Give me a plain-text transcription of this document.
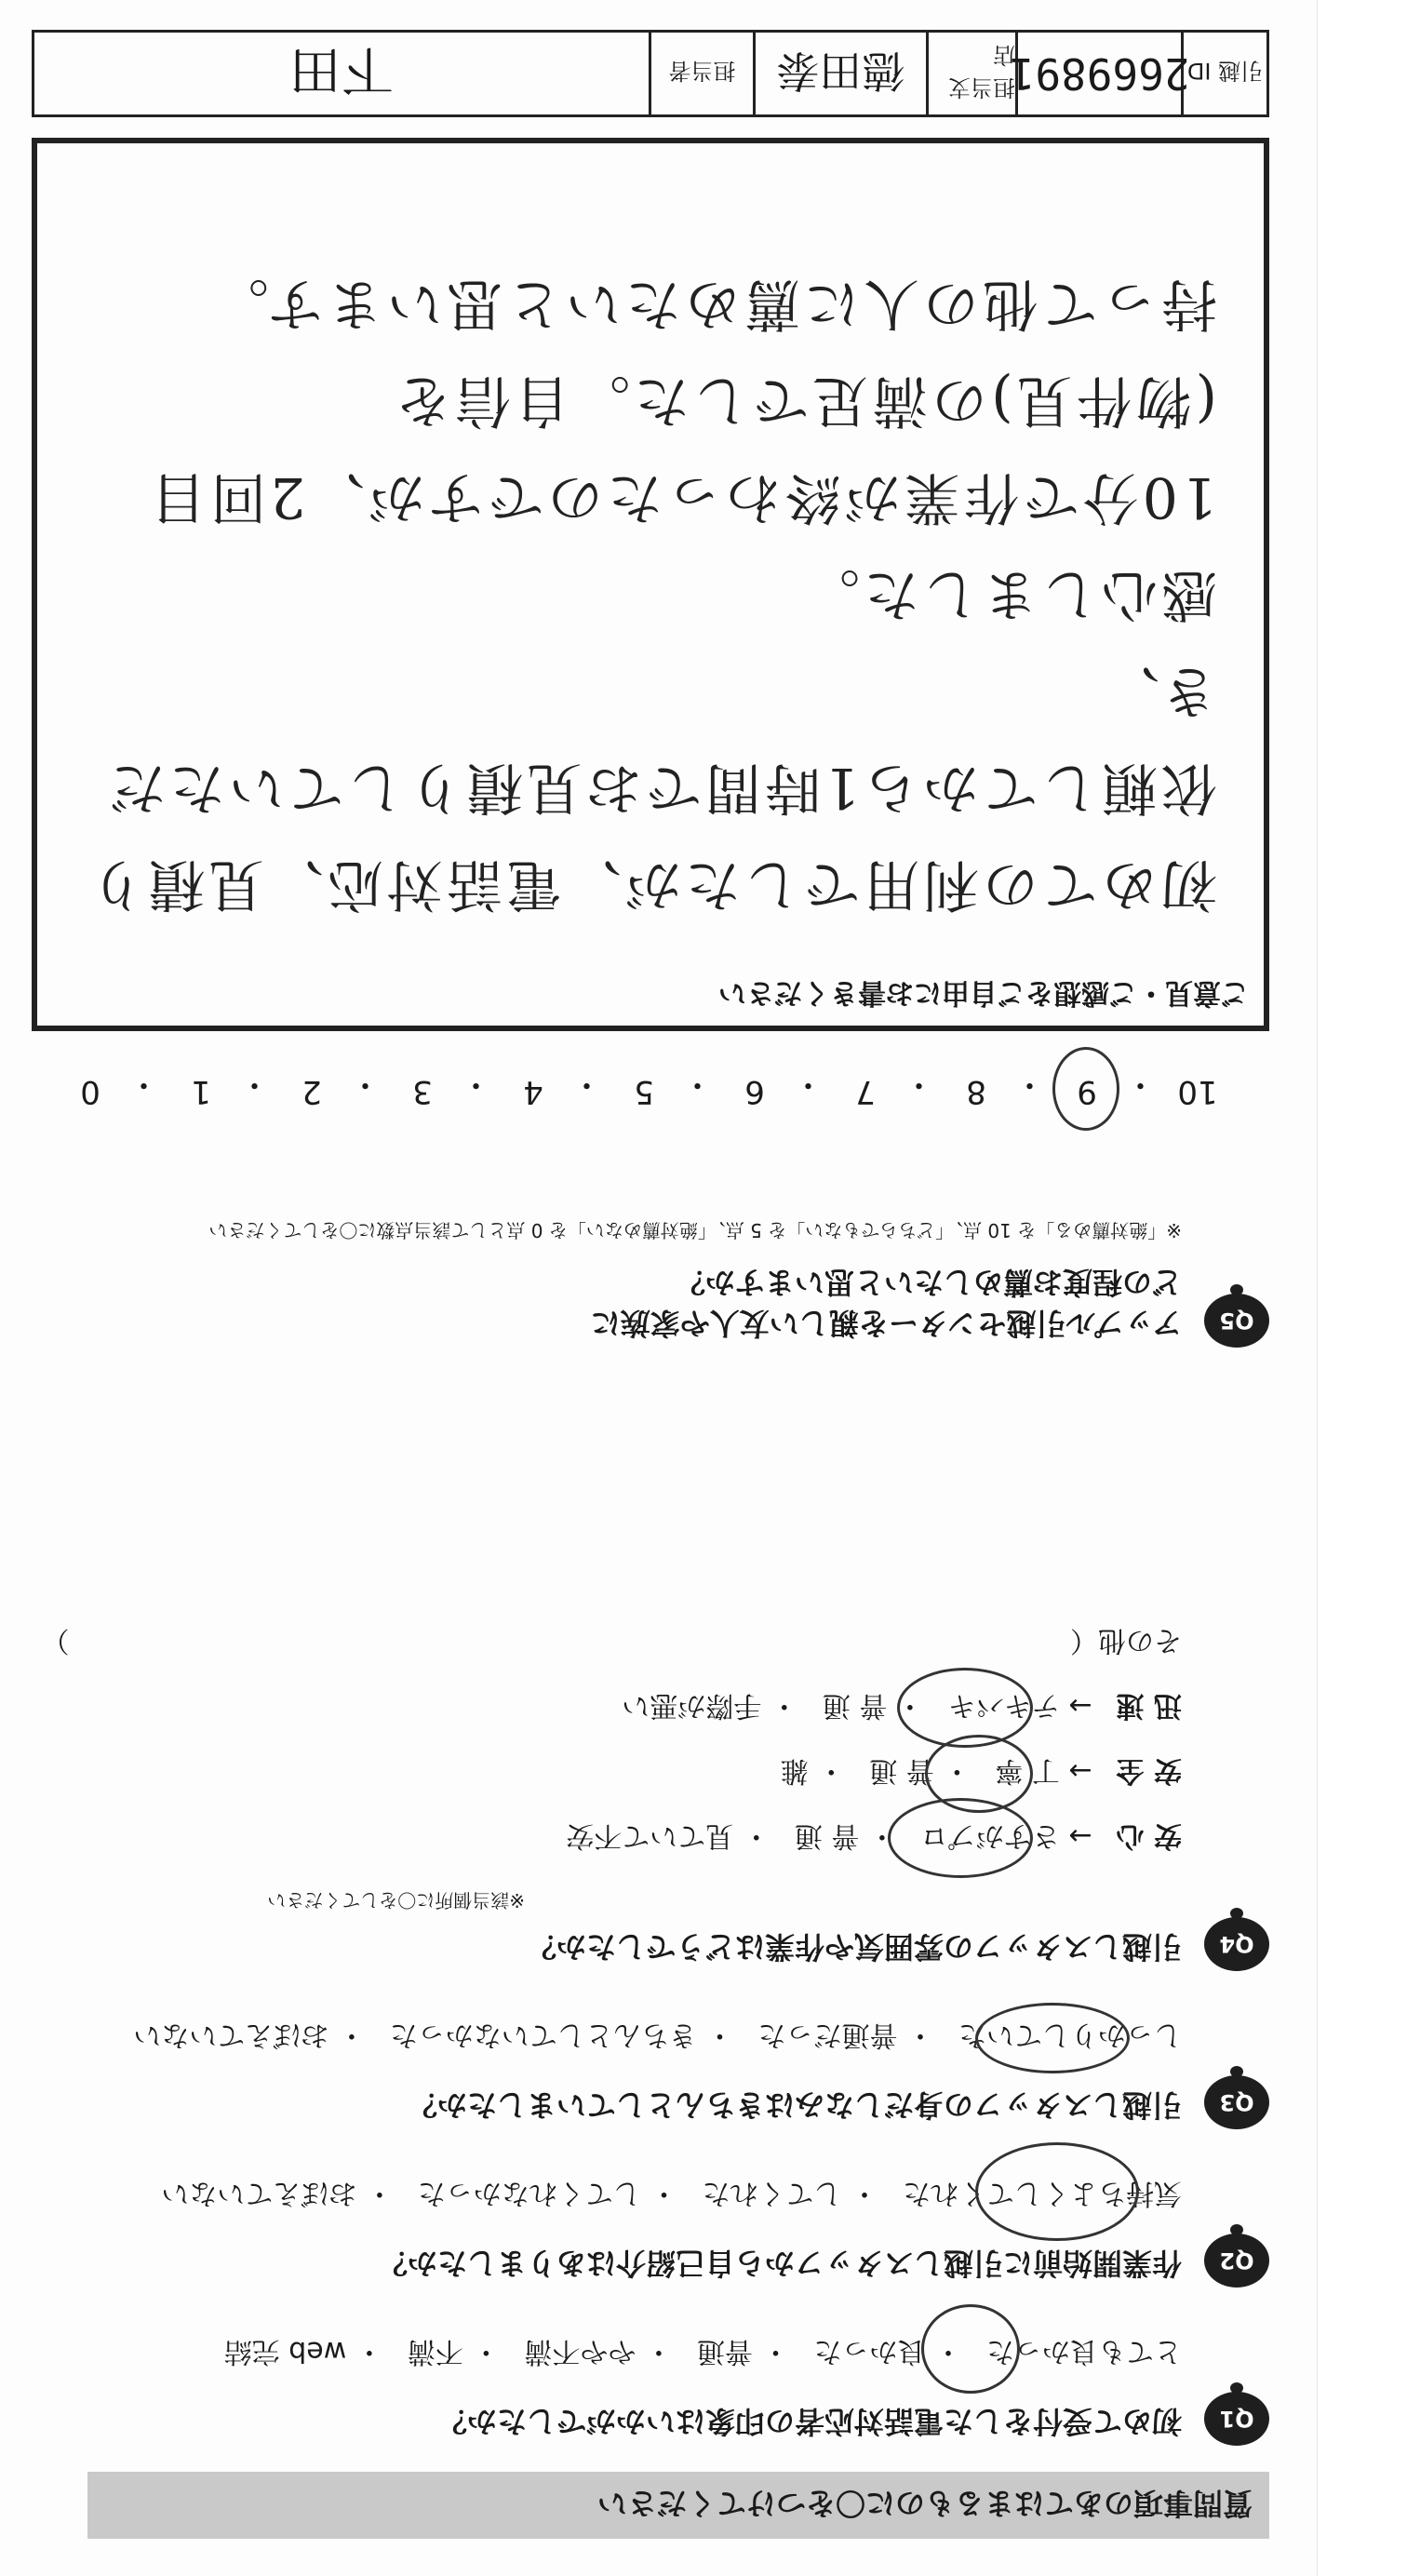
質問事項のあてはまるものに〇をつけてください
Q1
初めて受付をした電話対応者の印象はいかがでしたか？
とても良かった・ 良かった・ 普通・ やや不満・ 不満・ web 完結
Q2
作業開始前に引越しスタッフから自己紹介はありましたか？
気持ちよくしてくれた・ してくれた・ してくれなかった・ おぼえていない
Q3
引越しスタッフの身だしなみはきちんとしていましたか？
しっかりしていた・ 普通だった・ きちんとしていなかった・ おぼえていない
Q4
引越しスタッフの雰囲気や作業はどうでしたか？
※該当個所に〇をしてください
安 心→ さすがプロ・ 普 通・ 見ていて不安
安 全→ 丁 寧・ 普 通・ 雑
迅 速→ テキパキ・ 普 通・ 手際が悪い
その他（ ）
Q5
アップル引越センターを親しい友人や家族に
どの程度お薦めしたいと思いますか？
※「絶対薦める」を 10 点、「どちらでもない」を 5 点、「絶対薦めない」を 0 点として該当点数に〇をしてください
10
・
9
・
8
・
7
・
6
・
5
・
4
・
3
・
2
・
1
・
0
ご意見・ご感想をご自由にお書きください
初めての利用でしたが、電話対応、見積り
依頼してから1時間でお見積りしていただき、
感心しました。
10分で作業が終わったのですが、2回目
(物件見)の満足でした。自信を
持って他の人に薦めたいと思います。
引越 ID
2669891
担当支店
德田泰
担当者
下田
